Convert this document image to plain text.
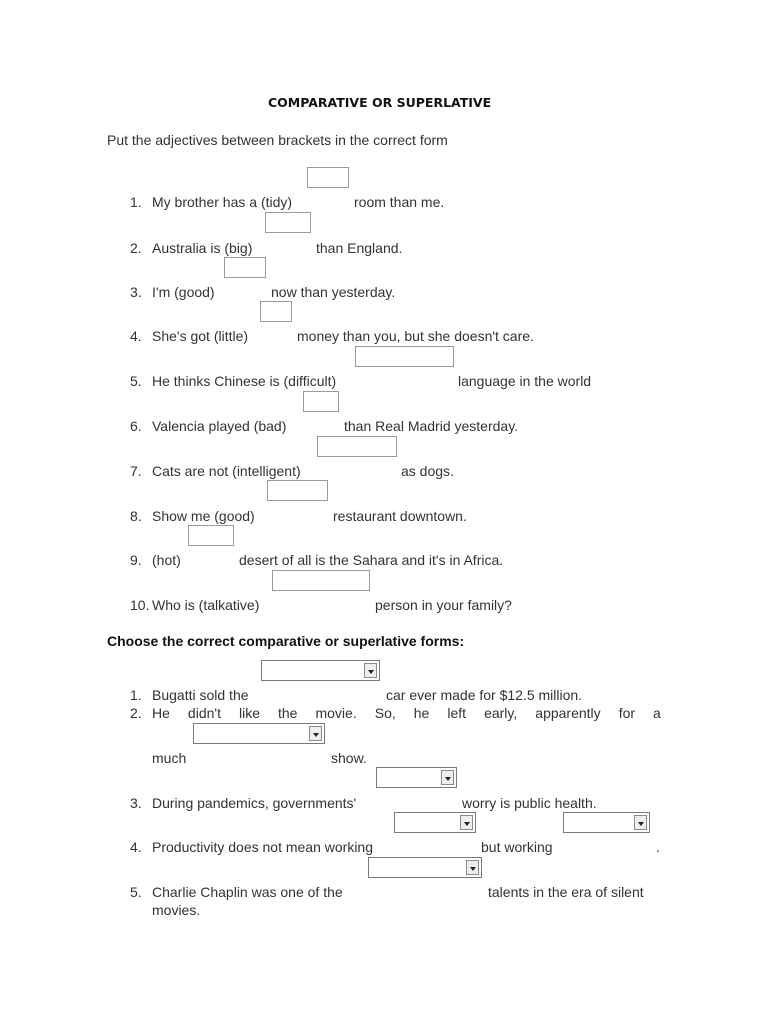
COMPARATIVE OR SUPERLATIVE
Put the adjectives between brackets in the correct form
1. My brother has a (tidy)	room than me.
2. Australia is (big)	than England.
3. I'm (good)	now than yesterday.
4. She's got (little)	money than you, but she doesn't care.
5. He thinks Chinese is (difficult)	language in the world
6. Valencia played (bad)	than Real Madrid yesterday.
7. Cats are not (intelligent)	as dogs.
8. Show me (good)	restaurant downtown.
9. (hot)	desert of all is the Sahara and it's in Africa.
10. Who is (talkative)	person in your family?
Choose the correct comparative or superlative forms:
1. Bugatti sold the	car ever made for $12.5 million.
2. He didn't like the movie. So, he left early, apparently for a
much	show.
3. During pandemics, governments'	worry is public health.
4. Productivity does not mean working	but working	.
5. Charlie Chaplin was one of the	talents in the era of silent
movies.
